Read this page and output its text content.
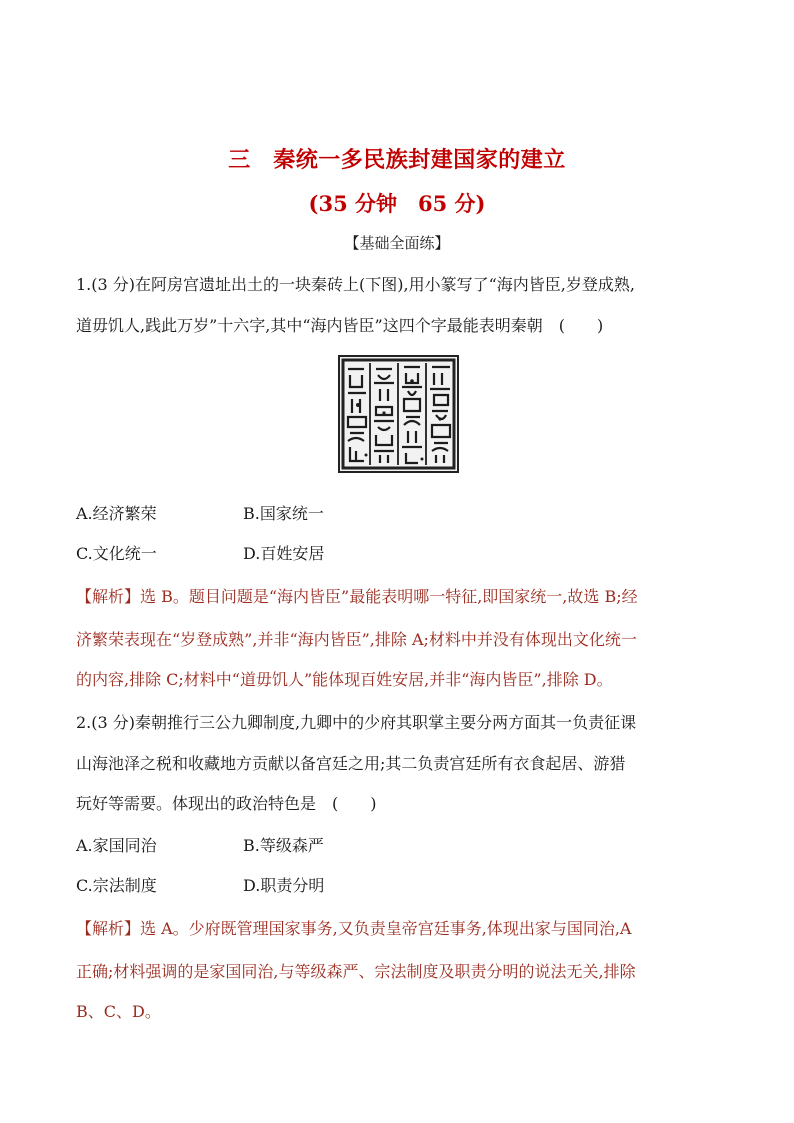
三　秦统一多民族封建国家的建立
(35 分钟　65 分)
【基础全面练】
1.(3 分)在阿房宫遗址出土的一块秦砖上(下图),用小篆写了“海内皆臣,岁登成熟,
道毋饥人,践此万岁”十六字,其中“海内皆臣”这四个字最能表明秦朝　(　　)
A.经济繁荣	B.国家统一
C.文化统一	D.百姓安居
【解析】选 B。题目问题是“海内皆臣”最能表明哪一特征,即国家统一,故选 B;经
济繁荣表现在“岁登成熟”,并非“海内皆臣”,排除 A;材料中并没有体现出文化统一
的内容,排除 C;材料中“道毋饥人”能体现百姓安居,并非“海内皆臣”,排除 D。
2.(3 分)秦朝推行三公九卿制度,九卿中的少府其职掌主要分两方面其一负责征课
山海池泽之税和收藏地方贡献以备宫廷之用;其二负责宫廷所有衣食起居、游猎
玩好等需要。体现出的政治特色是　(　　)
A.家国同治	B.等级森严
C.宗法制度	D.职责分明
【解析】选 A。少府既管理国家事务,又负责皇帝宫廷事务,体现出家与国同治,A
正确;材料强调的是家国同治,与等级森严、宗法制度及职责分明的说法无关,排除
B、C、D。
